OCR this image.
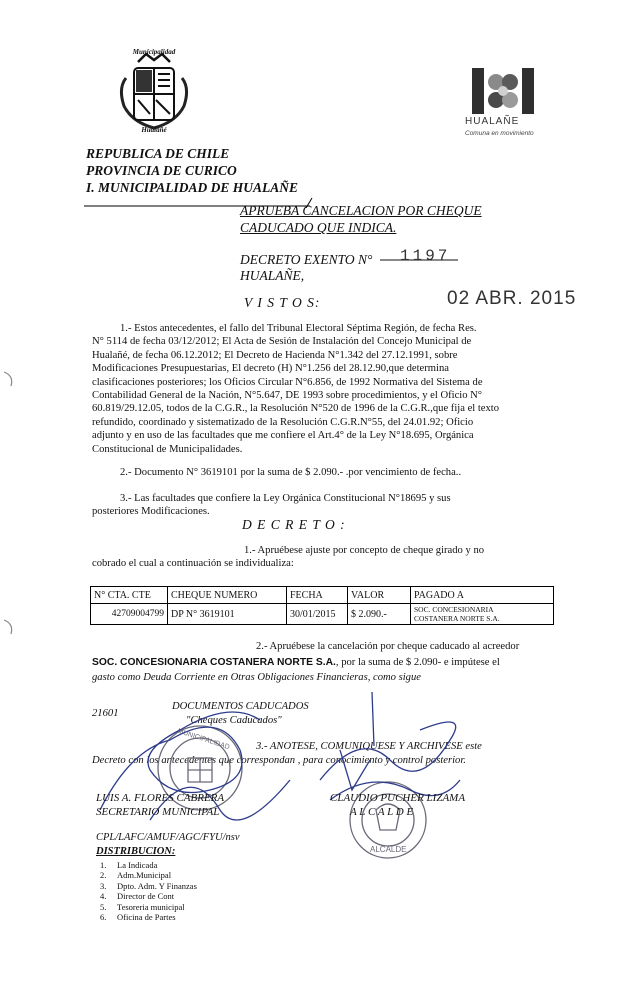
Municipalidad
Hualañé
HUALAÑE
Comuna en movimiento
REPUBLICA DE CHILE
PROVINCIA DE CURICO
I. MUNICIPALIDAD DE HUALAÑE
APRUEBA CANCELACION POR CHEQUE
CADUCADO QUE INDICA.
DECRETO EXENTO N° 1197
HUALAÑE,
V I S T O S:	02 ABR. 2015
1.- Estos antecedentes, el fallo del Tribunal Electoral Séptima Región, de fecha Res.
N° 5114 de fecha 03/12/2012; El Acta de Sesión de Instalación del Concejo Municipal de
Hualañé, de fecha 06.12.2012; El Decreto de Hacienda N°1.342 del 27.12.1991, sobre
Modificaciones Presupuestarias, El decreto (H) N°1.256 del 28.12.90,que determina
clasificaciones posteriores; los Oficios Circular N°6.856, de 1992 Normativa del Sistema de
Contabilidad General de la Nación, N°5.647, DE 1993 sobre procedimientos, y el Oficio N°
60.819/29.12.05, todos de la C.G.R., la Resolución N°520 de 1996 de la C.G.R.,que fija el texto
refundido, coordinado y sistematizado de la Resolución C.G.R.N°55, del 24.01.92; Oficio
adjunto y en uso de las facultades que me confiere el Art.4° de la Ley N°18.695, Orgánica
Constitucional de Municipalidades.
2.- Documento N° 3619101 por la suma de $ 2.090.- .por vencimiento de fecha..
3.- Las facultades que confiere la Ley Orgánica Constitucional N°18695 y sus
posteriores Modificaciones.
D E C R E T O :
1.- Apruébese ajuste por concepto de cheque girado y no
cobrado el cual a continuación se individualiza:
N° CTA. CTE	CHEQUE NUMERO	FECHA	VALOR	PAGADO A
42709004799	DP N° 3619101	30/01/2015	$ 2.090.-	SOC. CONCESIONARIA
COSTANERA NORTE S.A.
2.- Apruébese la cancelación por cheque caducado al acreedor
SOC. CONCESIONARIA COSTANERA NORTE S.A., por la suma de $ 2.090- e impútese el
gasto como Deuda Corriente en Otras Obligaciones Financieras, como sigue
21601
DOCUMENTOS CADUCADOS
"Cheques Caducados"
3.- ANOTESE, COMUNIQUESE Y ARCHIVESE este
Decreto con los antecedentes que correspondan , para conocimiento y control posterior.
MUNICIPALIDAD
ALCALDE
LUIS A. FLORES CABRERA
SECRETARIO MUNICIPAL
CLAUDIO PUCHER LIZAMA
A L C A L D E
CPL/LAFC/AMUF/AGC/FYU/nsv
DISTRIBUCION:
1. La Indicada
2. Adm.Municipal
3. Dpto. Adm. Y Finanzas
4. Director de Cont
5. Tesoreria municipal
6. Oficina de Partes
